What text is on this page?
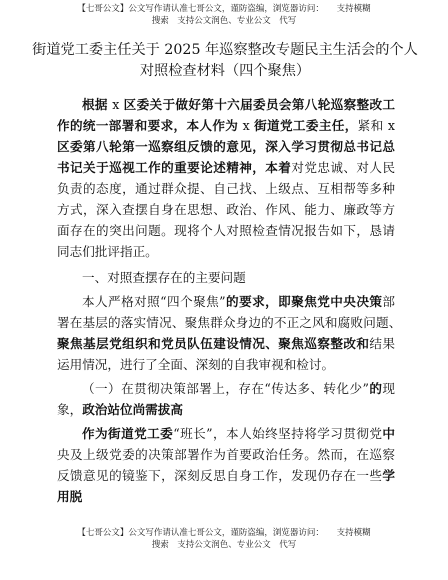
【七哥公文】公文写作请认准七哥公文，谨防盗编，浏览器访问：　　支持模糊
搜索　支持公文润色、专业公文　代写
街道党工委主任关于 2025 年巡察整改专题民主生活会的个人对照检查材料（四个聚焦）

根据 x 区委关于做好第十六届委员会第八轮巡察整改工作的统一部署和要求，本人作为 x 街道党工委主任，紧和 x 区委第八轮第一巡察组反馈的意见，深入学习贯彻总书记总书记关于巡视工作的重要论述精神，本着对党忠诚、对人民负责的态度，通过群众提、自己找、上级点、互相帮等多种方式，深入查摆自身在思想、政治、作风、能力、廉政等方面存在的突出问题。现将个人对照检查情况报告如下，恳请同志们批评指正。

一、对照查摆存在的主要问题

本人严格对照“四个聚焦”的要求，即聚焦党中央决策部署在基层的落实情况、聚焦群众身边的不正之风和腐败问题、　聚焦基层党组织和党员队伍建设情况、聚焦巡察整改和结果运用情况，进行了全面、深刻的自我审视和检讨。

（一）在贯彻决策部署上，存在“传达多、转化少”的现象，政治站位尚需拔高

作为街道党工委“班长”，本人始终坚持将学习贯彻党中央及上级党委的决策部署作为首要政治任务。然而，在巡察反馈意见的镜鉴下，深刻反思自身工作，发现仍存在一些学用脱

【七哥公文】公文写作请认准七哥公文，谨防盗编，浏览器访问：　　支持模糊
搜索　支持公文润色、专业公文　代写
